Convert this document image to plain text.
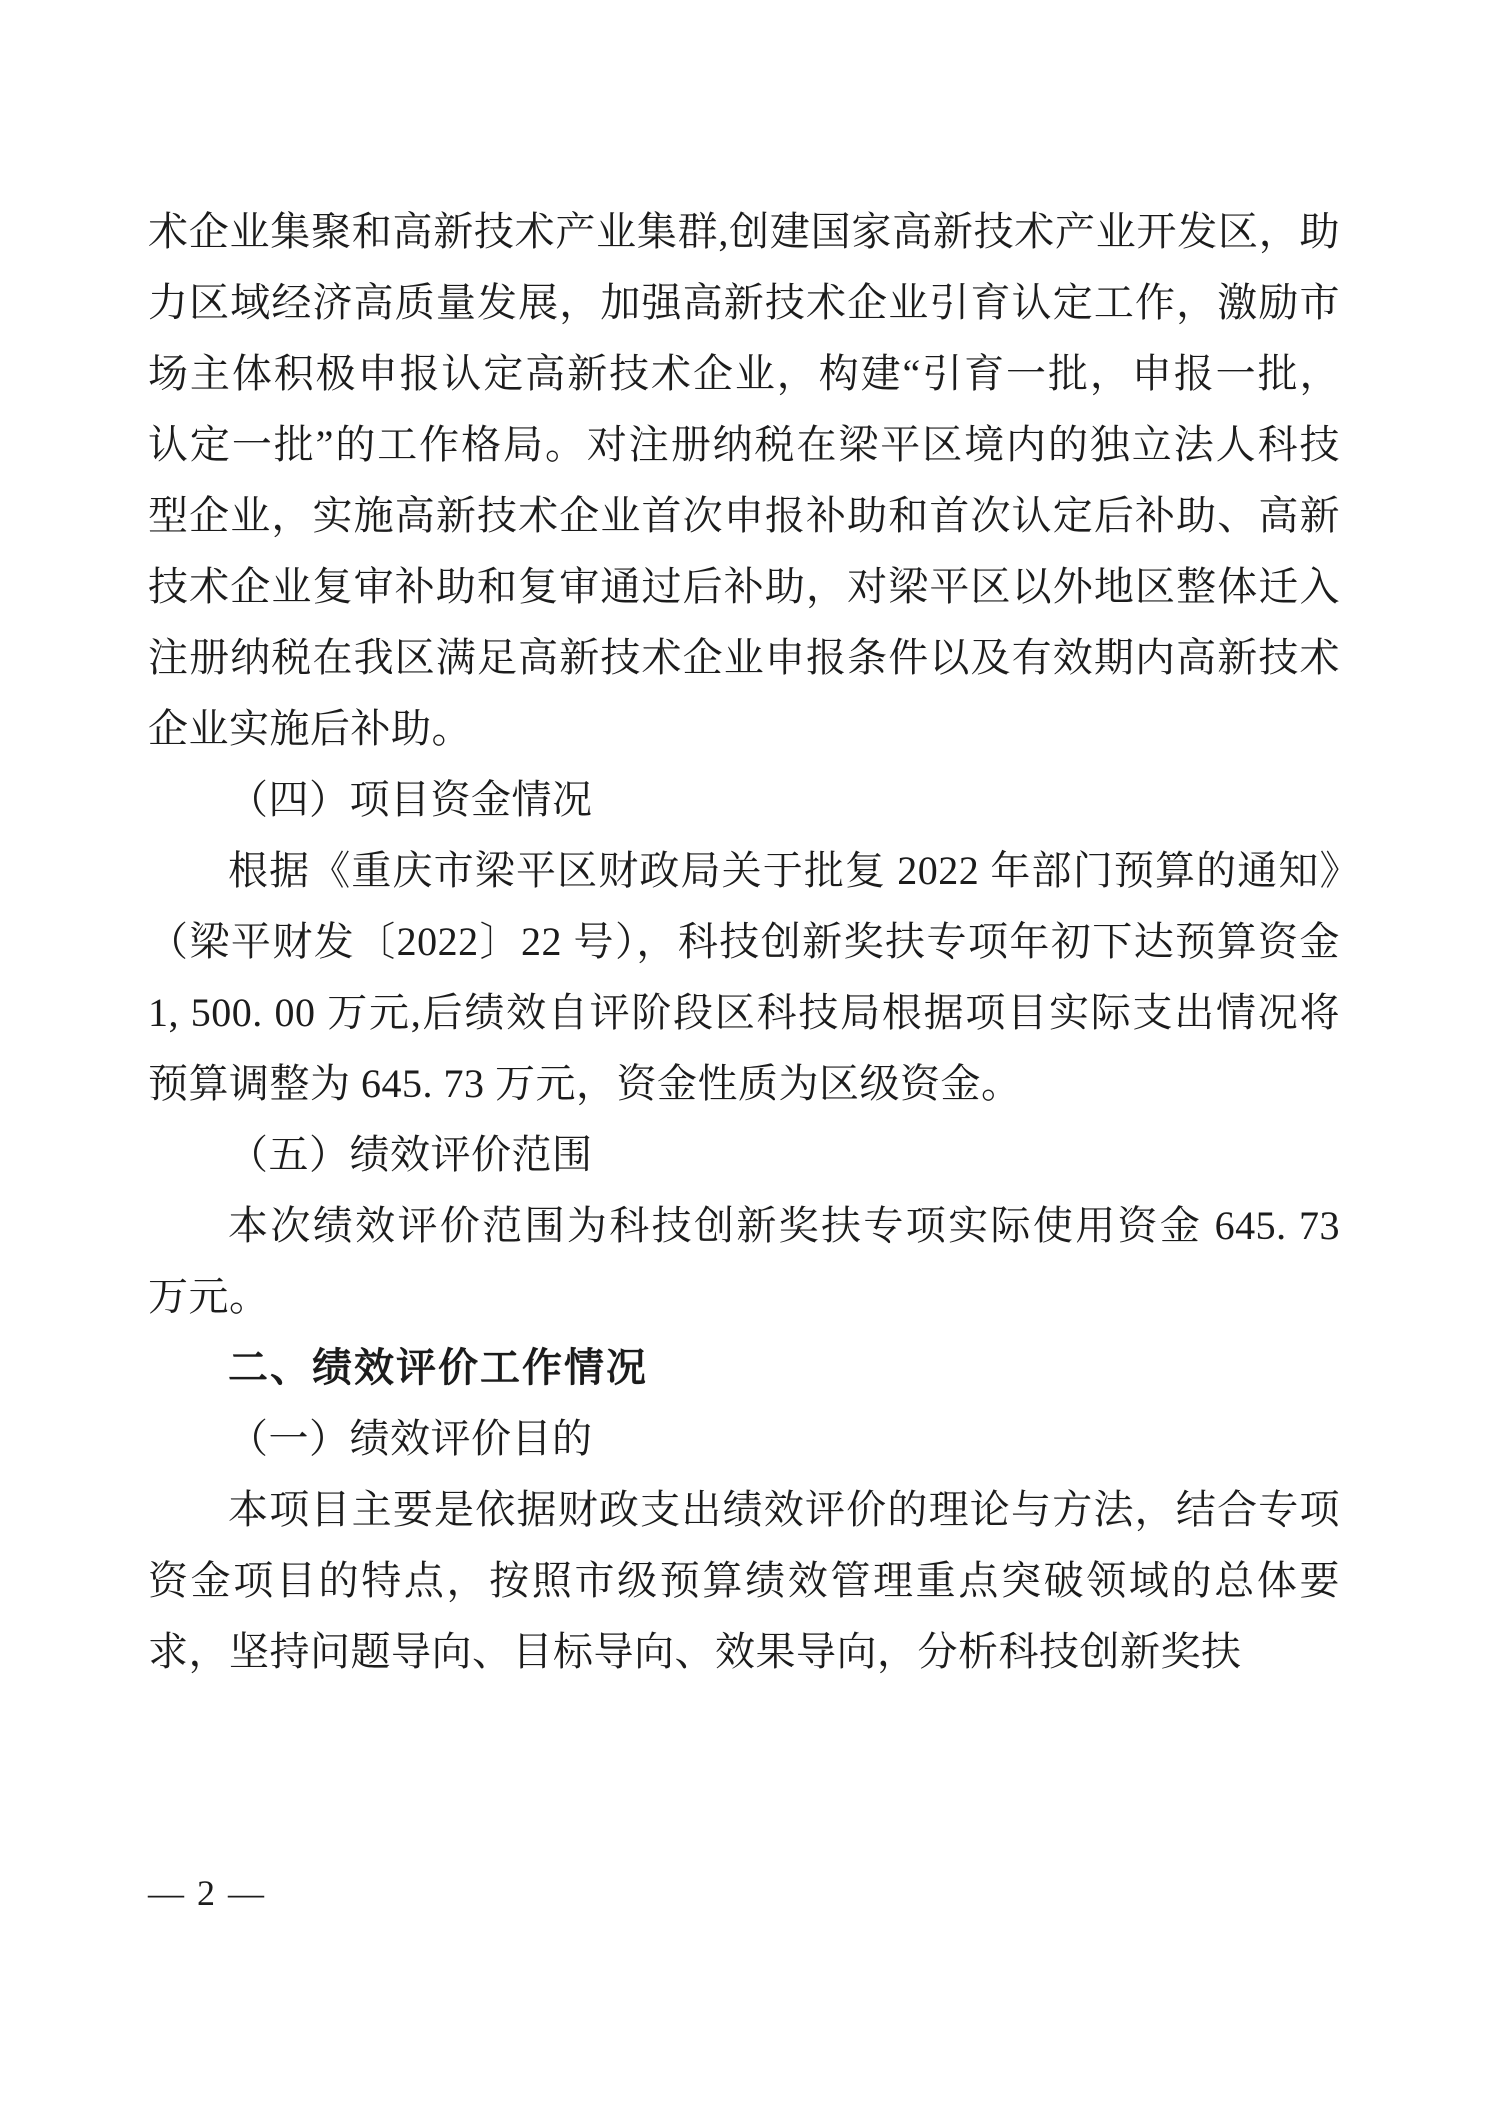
术企业集聚和高新技术产业集群,创建国家高新技术产业开发区，助力区域经济高质量发展，加强高新技术企业引育认定工作，激励市场主体积极申报认定高新技术企业，构建“引育一批，申报一批，认定一批”的工作格局。对注册纳税在梁平区境内的独立法人科技型企业，实施高新技术企业首次申报补助和首次认定后补助、高新技术企业复审补助和复审通过后补助，对梁平区以外地区整体迁入注册纳税在我区满足高新技术企业申报条件以及有效期内高新技术企业实施后补助。

（四）项目资金情况

根据《重庆市梁平区财政局关于批复 2022 年部门预算的通知》（梁平财发〔2022〕22 号），科技创新奖扶专项年初下达预算资金 1, 500. 00 万元,后绩效自评阶段区科技局根据项目实际支出情况将预算调整为 645. 73 万元，资金性质为区级资金。

（五）绩效评价范围

本次绩效评价范围为科技创新奖扶专项实际使用资金 645. 73 万元。

二、绩效评价工作情况

（一）绩效评价目的

本项目主要是依据财政支出绩效评价的理论与方法，结合专项资金项目的特点，按照市级预算绩效管理重点突破领域的总体要求，坚持问题导向、目标导向、效果导向，分析科技创新奖扶

— 2 —
